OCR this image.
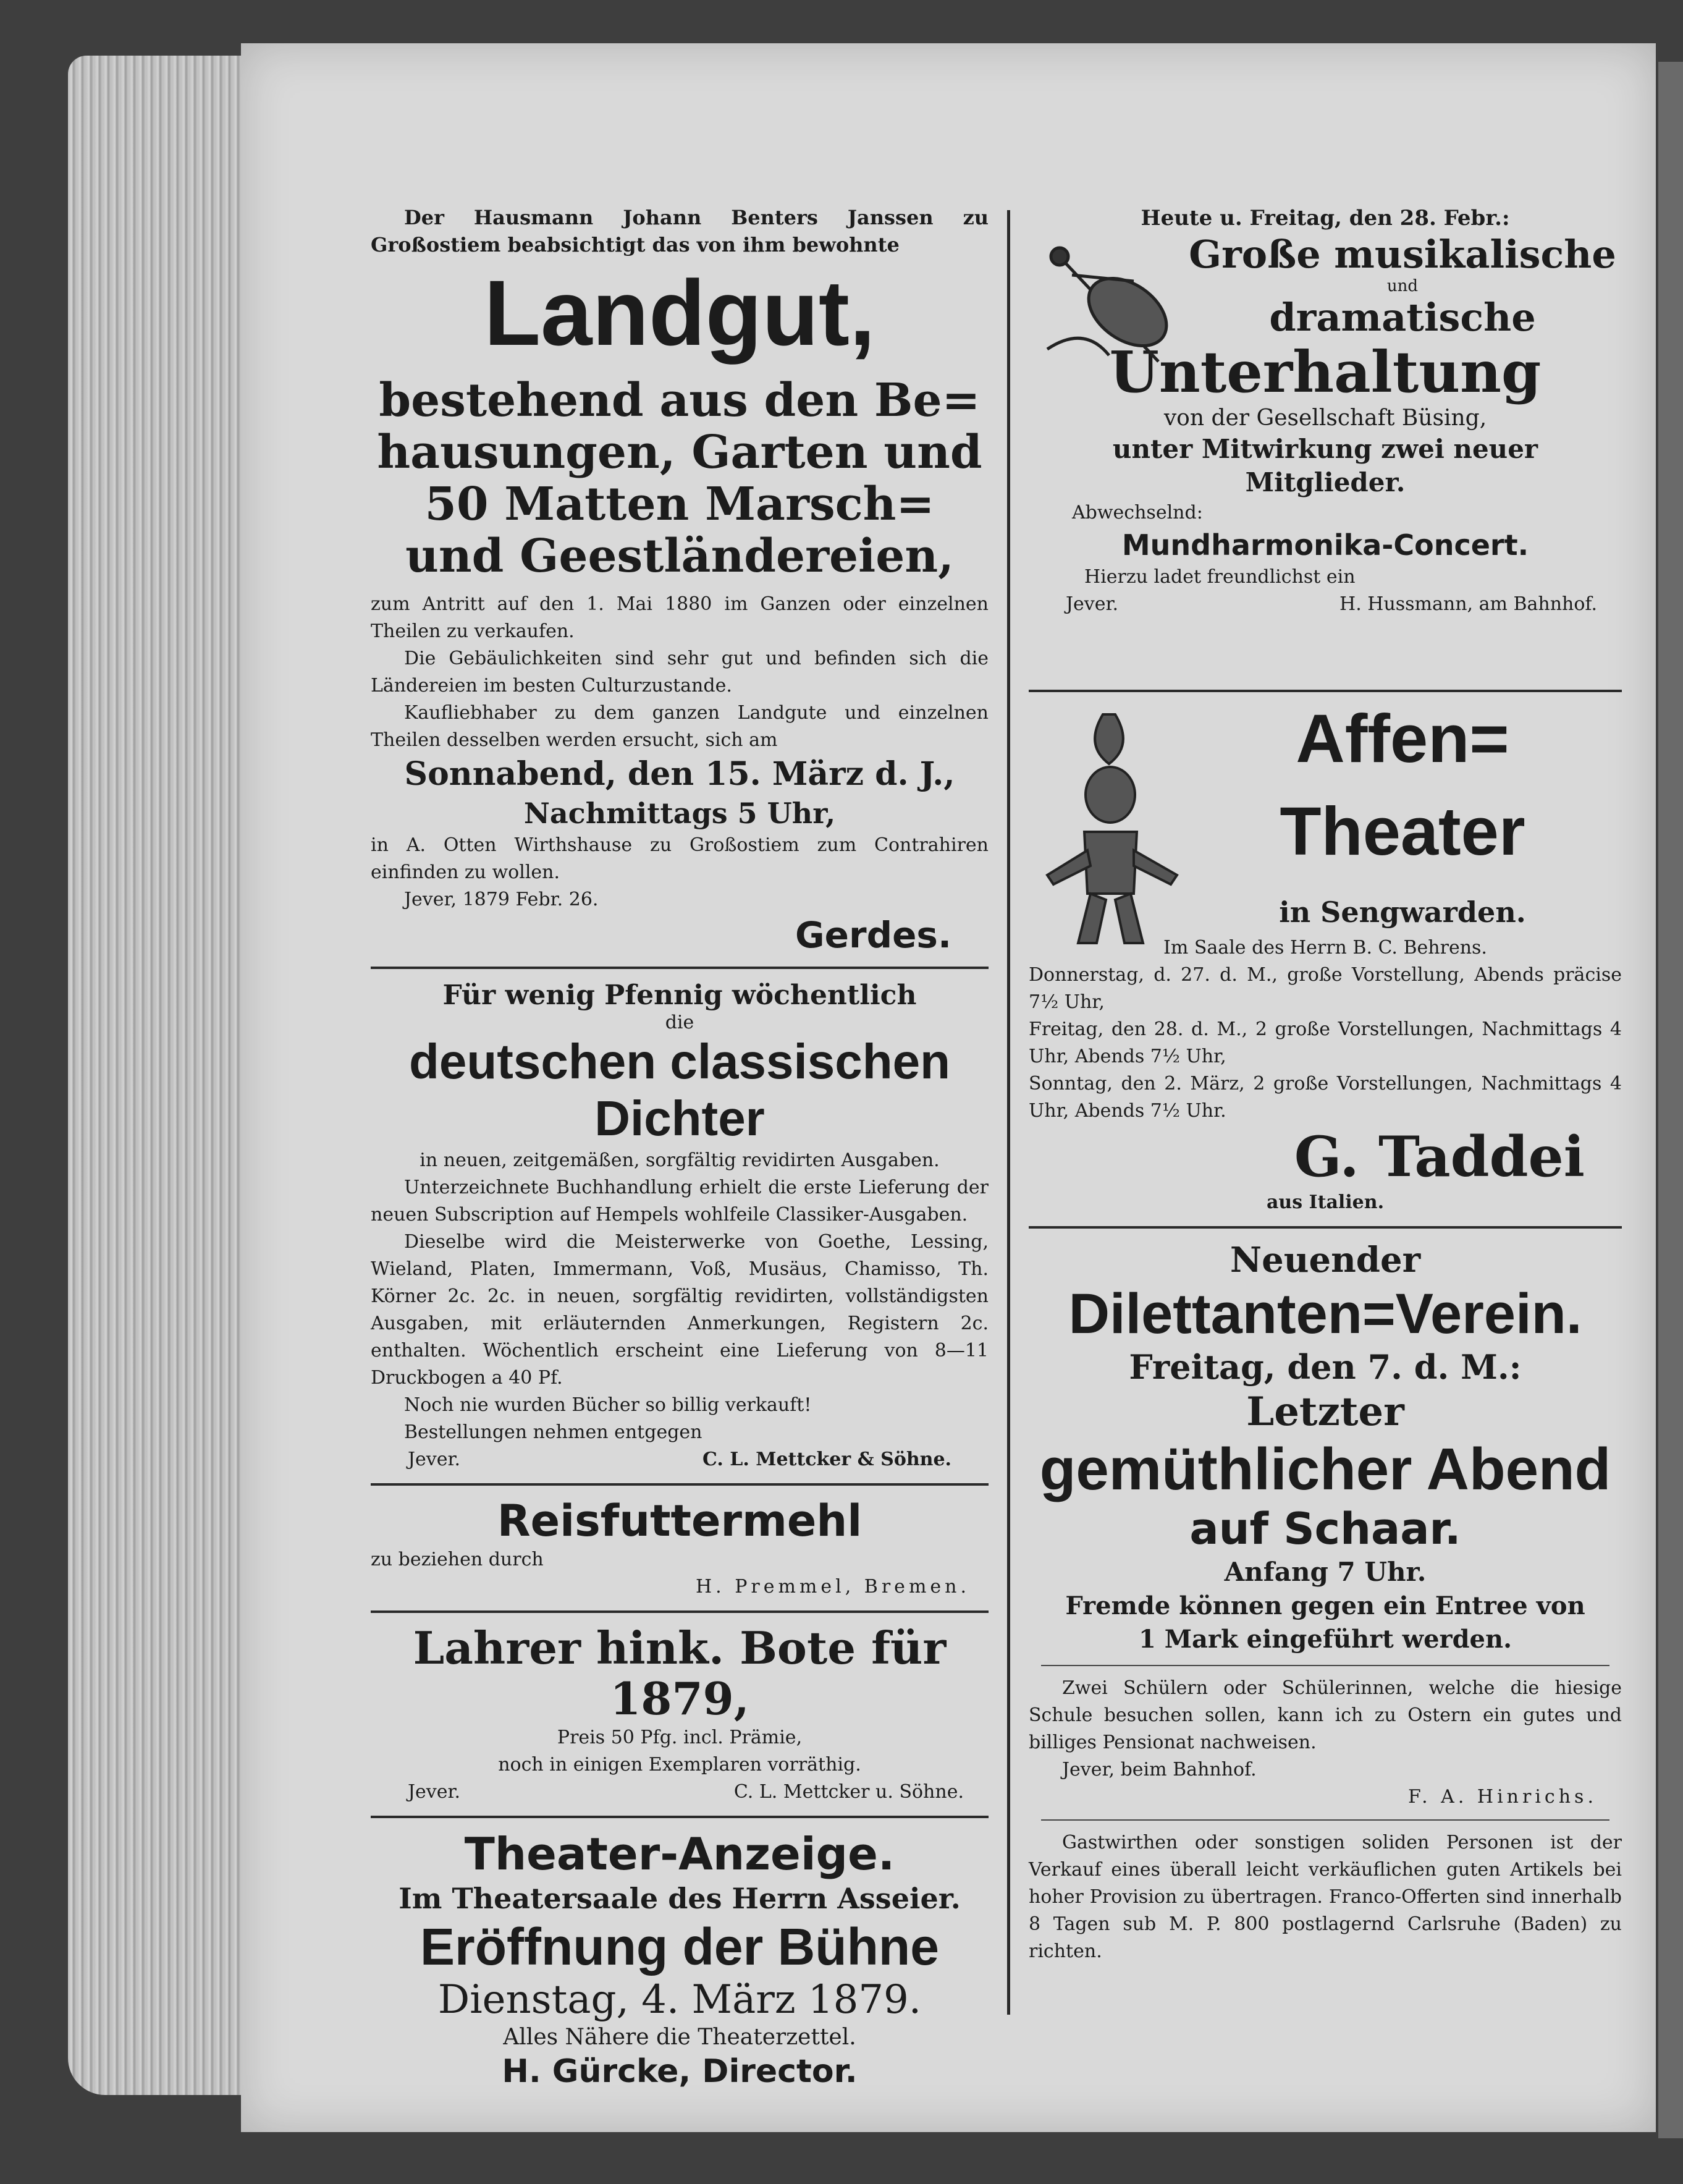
Der Hausmann Johann Benters Janssen zu Großostiem beabsichtigt das von ihm bewohnte

Landgut,
bestehend aus den Be=
hausungen, Garten und
50 Matten Marsch=
und Geestländereien,

zum Antritt auf den 1. Mai 1880 im Ganzen oder einzelnen Theilen zu verkaufen.

Die Gebäulichkeiten sind sehr gut und befinden sich die Ländereien im besten Culturzustande.

Kaufliebhaber zu dem ganzen Landgute und einzelnen Theilen desselben werden ersucht, sich am

Sonnabend, den 15. März d. J.,
Nachmittags 5 Uhr,

in A. Otten Wirthshause zu Großostiem zum Contrahiren einfinden zu wollen.

Jever, 1879 Febr. 26.

Gerdes.
Für wenig Pfennig wöchentlich
die
deutschen classischen Dichter

in neuen, zeitgemäßen, sorgfältig revidirten Ausgaben.

Unterzeichnete Buchhandlung erhielt die erste Lieferung der neuen Subscription auf Hempels wohlfeile Classiker-Ausgaben.

Dieselbe wird die Meisterwerke von Goethe, Lessing, Wieland, Platen, Immermann, Voß, Musäus, Chamisso, Th. Körner 2c. 2c. in neuen, sorgfältig revidirten, vollständigsten Ausgaben, mit erläuternden Anmerkungen, Registern 2c. enthalten. Wöchentlich erscheint eine Lieferung von 8—11 Druckbogen a 40 Pf.

Noch nie wurden Bücher so billig verkauft!

Bestellungen nehmen entgegen

Jever.	C. L. Mettcker & Söhne.
Reisfuttermehl

zu beziehen durch

H. Premmel, Bremen.

Lahrer hink. Bote für 1879,

Preis 50 Pfg. incl. Prämie,

noch in einigen Exemplaren vorräthig.

Jever.	C. L. Mettcker u. Söhne.
Theater-Anzeige.
Im Theatersaale des Herrn Asseier.
Eröffnung der Bühne
Dienstag, 4. März 1879.
Alles Nähere die Theaterzettel.
H. Gürcke, Director.
Heute u. Freitag, den 28. Febr.:
Große musikalische
und
dramatische
Unterhaltung
von der Gesellschaft Büsing,
unter Mitwirkung zwei neuer Mitglieder.

Abwechselnd:

Mundharmonika-Concert.

Hierzu ladet freundlichst ein

Jever.	H. Hussmann, am Bahnhof.
Affen=
Theater
in Sengwarden.

Im Saale des Herrn B. C. Behrens.

Donnerstag, d. 27. d. M., große Vorstellung, Abends präcise 7½ Uhr,

Freitag, den 28. d. M., 2 große Vorstellungen, Nachmittags 4 Uhr, Abends 7½ Uhr,

Sonntag, den 2. März, 2 große Vorstellungen, Nachmittags 4 Uhr, Abends 7½ Uhr.

G. Taddei

aus Italien.

Neuender
Dilettanten=Verein.
Freitag, den 7. d. M.:
Letzter
gemüthlicher Abend
auf Schaar.
Anfang 7 Uhr.
Fremde können gegen ein Entree von
1 Mark eingeführt werden.

Zwei Schülern oder Schülerinnen, welche die hiesige Schule besuchen sollen, kann ich zu Ostern ein gutes und billiges Pensionat nachweisen.

Jever, beim Bahnhof.

F. A. Hinrichs.

Gastwirthen oder sonstigen soliden Personen ist der Verkauf eines überall leicht verkäuflichen guten Artikels bei hoher Provision zu übertragen. Franco-Offerten sind innerhalb 8 Tagen sub M. P. 800 postlagernd Carlsruhe (Baden) zu richten.
